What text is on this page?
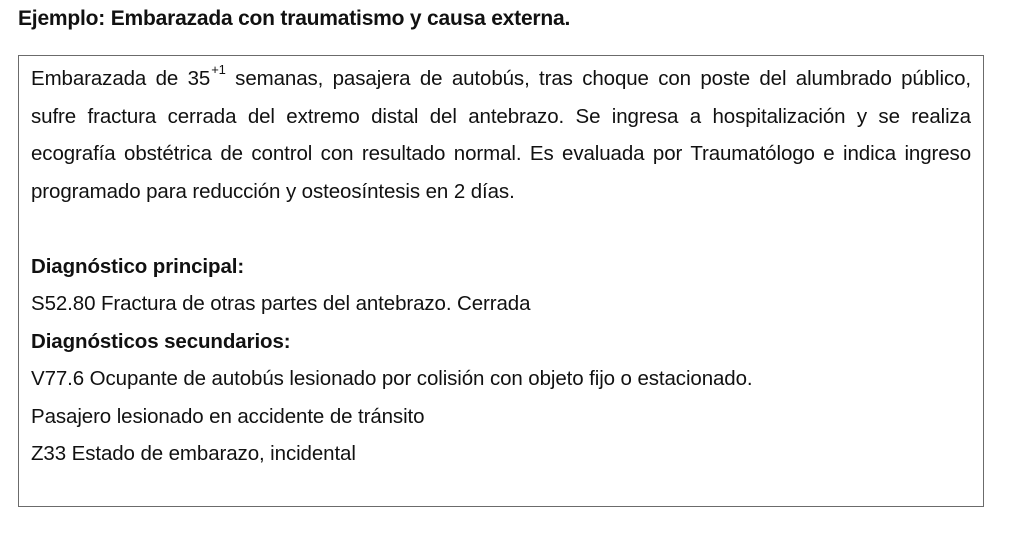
Ejemplo: Embarazada con traumatismo y causa externa.

Embarazada de $35^{+1}$ semanas, pasajera de autobús, tras choque con poste del alumbrado público, sufre fractura cerrada del extremo distal del antebrazo. Se ingresa a hospitalización y se realiza ecografía obstétrica de control con resultado normal. Es evaluada por Traumatólogo e indica ingreso programado para reducción y osteosíntesis en 2 días.

Diagnóstico principal:

S52.80 Fractura de otras partes del antebrazo. Cerrada

Diagnósticos secundarios:

V77.6 Ocupante de autobús lesionado por colisión con objeto fijo o estacionado.

Pasajero lesionado en accidente de tránsito

Z33 Estado de embarazo, incidental
